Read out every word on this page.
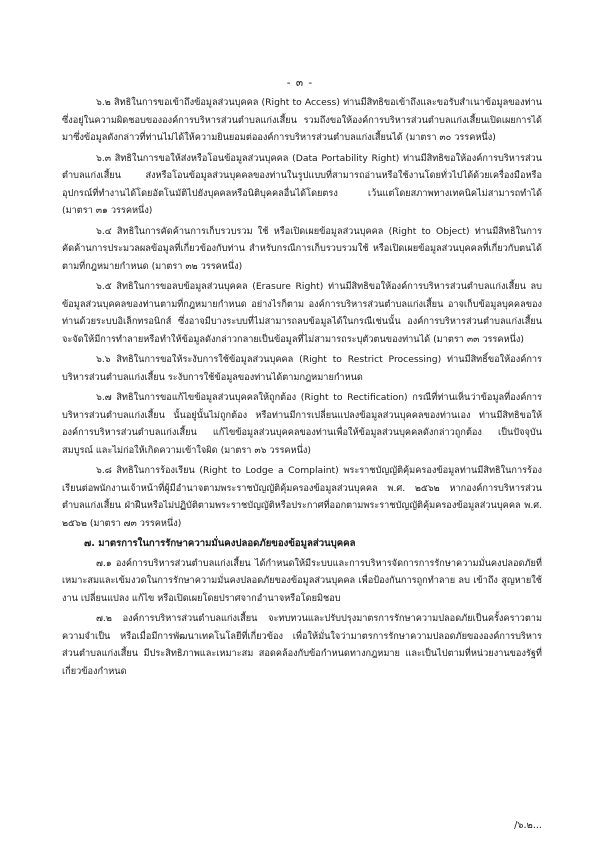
- ๓ -

๖.๒ สิทธิในการขอเข้าถึงข้อมูลส่วนบุคคล (Right to Access) ท่านมีสิทธิขอเข้าถึงและขอรับสำเนาข้อมูลของท่านซึ่งอยู่ในความผิดชอบขององค์การบริหารส่วนตำบลแก่งเสี้ยน รวมถึงขอให้องค์การบริหารส่วนตำบลแก่งเสี้ยนเปิดเผยการได้มาซึ่งข้อมูลดังกล่าวที่ท่านไม่ได้ให้ความยินยอมต่อองค์การบริหารส่วนตำบลแก่งเสี้ยนได้ (มาตรา ๓๐ วรรคหนึ่ง)

๖.๓ สิทธิในการขอให้ส่งหรือโอนข้อมูลส่วนบุคคล (Data Portability Right) ท่านมีสิทธิขอให้องค์การบริหารส่วนตำบลแก่งเสี้ยน ส่งหรือโอนข้อมูลส่วนบุคคลของท่านในรูปแบบที่สามารถอ่านหรือใช้งานโดยทั่วไปได้ด้วยเครื่องมือหรืออุปกรณ์ที่ทำงานได้โดยอัตโนมัติไปยังบุคคลหรือนิติบุคคลอื่นได้โดยตรง เว้นแต่โดยสภาพทางเทคนิคไม่สามารถทำได้ (มาตรา ๓๑ วรรคหนึ่ง)

๖.๔ สิทธิในการคัดค้านการเก็บรวบรวม ใช้ หรือเปิดเผยข้อมูลส่วนบุคคล (Right to Object) ท่านมีสิทธิในการคัดค้านการประมวลผลข้อมูลที่เกี่ยวข้องกับท่าน สำหรับกรณีการเก็บรวบรวมใช้ หรือเปิดเผยข้อมูลส่วนบุคคลที่เกี่ยวกับตนได้ตามที่กฎหมายกำหนด (มาตรา ๓๒ วรรคหนึ่ง)

๖.๕ สิทธิในการขอลบข้อมูลส่วนบุคคล (Erasure Right) ท่านมีสิทธิขอให้องค์การบริหารส่วนตำบลแก่งเสี้ยน ลบข้อมูลส่วนบุคคลของท่านตามที่กฎหมายกำหนด อย่างไรก็ตาม องค์การบริหารส่วนตำบลแก่งเสี้ยน อาจเก็บข้อมูลบุคคลของท่านด้วยระบบอิเล็กทรอนิกส์ ซึ่งอาจมีบางระบบที่ไม่สามารถลบข้อมูลได้ในกรณีเช่นนั้น องค์การบริหารส่วนตำบลแก่งเสี้ยน จะจัดให้มีการทำลายหรือทำให้ข้อมูลดังกล่าวกลายเป็นข้อมูลที่ไม่สามารถระบุตัวตนของท่านได้ (มาตรา ๓๓ วรรคหนึ่ง)

๖.๖ สิทธิในการขอให้ระงับการใช้ข้อมูลส่วนบุคคล (Right to Restrict Processing) ท่านมีสิทธิ์ขอให้องค์การบริหารส่วนตำบลแก่งเสี้ยน ระงับการใช้ข้อมูลของท่านได้ตามกฎหมายกำหนด

๖.๗ สิทธิในการขอแก้ไขข้อมูลส่วนบุคคลให้ถูกต้อง (Right to Rectification) กรณีที่ท่านเห็นว่าข้อมูลที่องค์การบริหารส่วนตำบลแก่งเสี้ยน นั้นอยู่นั้นไม่ถูกต้อง หรือท่านมีการเปลี่ยนแปลงข้อมูลส่วนบุคคลของท่านเอง ท่านมีสิทธิขอให้องค์การบริหารส่วนตำบลแก่งเสี้ยน แก้ไขข้อมูลส่วนบุคคลของท่านเพื่อให้ข้อมูลส่วนบุคคลดังกล่าวถูกต้อง เป็นปัจจุบัน สมบูรณ์ และไม่ก่อให้เกิดความเข้าใจผิด (มาตรา ๓๖ วรรคหนึ่ง)

๖.๘ สิทธิในการร้องเรียน (Right to Lodge a Complaint) พระราชบัญญัติคุ้มครองข้อมูลท่านมีสิทธิในการร้องเรียนต่อพนักงานเจ้าหน้าที่ผู้มีอำนาจตามพระราชบัญญัติคุ้มครองข้อมูลส่วนบุคคล พ.ศ. ๒๕๖๒ หากองค์การบริหารส่วนตำบลแก่งเสี้ยน ฝ่าฝืนหรือไม่ปฏิบัติตามพระราชบัญญัติหรือประกาศที่ออกตามพระราชบัญญัติคุ้มครองข้อมูลส่วนบุคคล พ.ศ. ๒๕๖๒ (มาตรา ๗๓ วรรคหนึ่ง)

๗. มาตรการในการรักษาความมั่นคงปลอดภัยของข้อมูลส่วนบุคคล

๗.๑ องค์การบริหารส่วนตำบลแก่งเสี้ยน ได้กำหนดให้มีระบบและการบริหารจัดการการรักษาความมั่นคงปลอดภัยที่เหมาะสมและเข้มงวดในการรักษาความมั่นคงปลอดภัยของข้อมูลส่วนบุคคล เพื่อป้องกันการถูกทำลาย ลบ เข้าถึง สูญหายใช้งาน เปลี่ยนแปลง แก้ไข หรือเปิดเผยโดยปราศจากอำนาจหรือโดยมิชอบ

๗.๒ องค์การบริหารส่วนตำบลแก่งเสี้ยน จะทบทวนและปรับปรุงมาตรการรักษาความปลอดภัยเป็นครั้งคราวตามความจำเป็น หรือเมื่อมีการพัฒนาเทคโนโลยีที่เกี่ยวข้อง เพื่อให้มั่นใจว่ามาตรการรักษาความปลอดภัยขององค์การบริหารส่วนตำบลแก่งเสี้ยน มีประสิทธิภาพและเหมาะสม สอดคล้องกับข้อกำหนดทางกฎหมาย และเป็นไปตามที่หน่วยงานของรัฐที่เกี่ยวข้องกำหนด

/๖.๒...
